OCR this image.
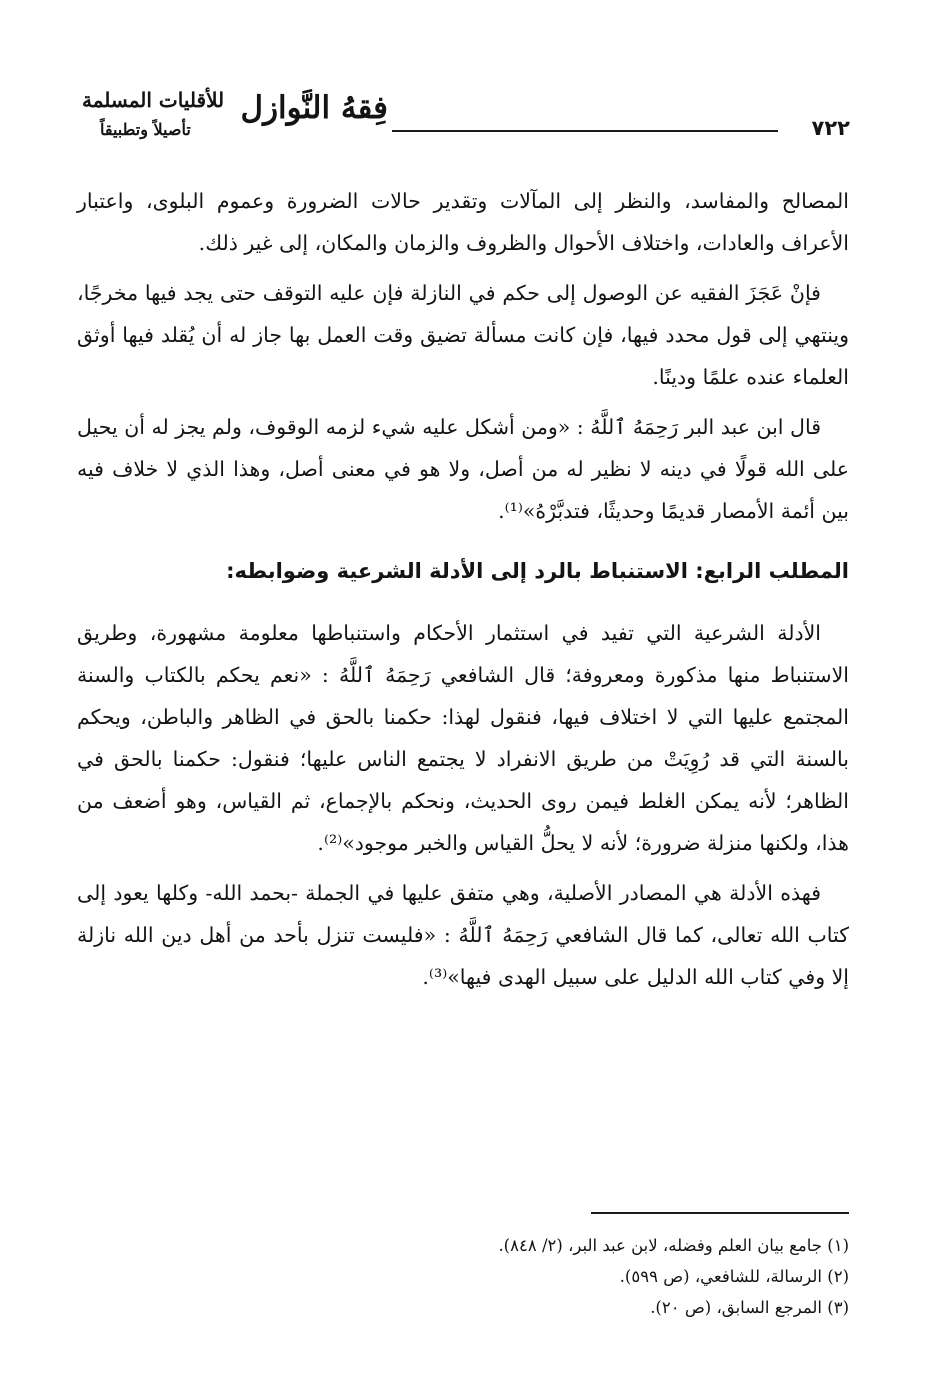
٧٢٢
فِقهُ النَّوازل
للأقليات المسلمة
تأصيلاً وتطبيقاً

المصالح والمفاسد، والنظر إلى المآلات وتقدير حالات الضرورة وعموم البلوى، واعتبار الأعراف والعادات، واختلاف الأحوال والظروف والزمان والمكان، إلى غير ذلك.

فإنْ عَجَزَ الفقيه عن الوصول إلى حكم في النازلة فإن عليه التوقف حتى يجد فيها مخرجًا، وينتهي إلى قول محدد فيها، فإن كانت مسألة تضيق وقت العمل بها جاز له أن يُقلد فيها أوثق العلماء عنده علمًا ودينًا.

قال ابن عبد البر رَحِمَهُ ٱللَّهُ : «ومن أشكل عليه شيء لزمه الوقوف، ولم يجز له أن يحيل على الله قولًا في دينه لا نظير له من أصل، ولا هو في معنى أصل، وهذا الذي لا خلاف فيه بين أئمة الأمصار قديمًا وحديثًا، فتدبَّرْهُ»⁽¹⁾.

المطلب الرابع: الاستنباط بالرد إلى الأدلة الشرعية وضوابطه:

الأدلة الشرعية التي تفيد في استثمار الأحكام واستنباطها معلومة مشهورة، وطريق الاستنباط منها مذكورة ومعروفة؛ قال الشافعي رَحِمَهُ ٱللَّهُ : «نعم يحكم بالكتاب والسنة المجتمع عليها التي لا اختلاف فيها، فنقول لهذا: حكمنا بالحق في الظاهر والباطن، ويحكم بالسنة التي قد رُوِيَتْ من طريق الانفراد لا يجتمع الناس عليها؛ فنقول: حكمنا بالحق في الظاهر؛ لأنه يمكن الغلط فيمن روى الحديث، ونحكم بالإجماع، ثم القياس، وهو أضعف من هذا، ولكنها منزلة ضرورة؛ لأنه لا يحلُّ القياس والخبر موجود»⁽²⁾.

فهذه الأدلة هي المصادر الأصلية، وهي متفق عليها في الجملة -بحمد الله- وكلها يعود إلى كتاب الله تعالى، كما قال الشافعي رَحِمَهُ ٱللَّهُ : «فليست تنزل بأحد من أهل دين الله نازلة إلا وفي كتاب الله الدليل على سبيل الهدى فيها»⁽³⁾.

(١) جامع بيان العلم وفضله، لابن عبد البر، (٢/ ٨٤٨).

(٢) الرسالة، للشافعي، (ص ٥٩٩).

(٣) المرجع السابق، (ص ٢٠).
